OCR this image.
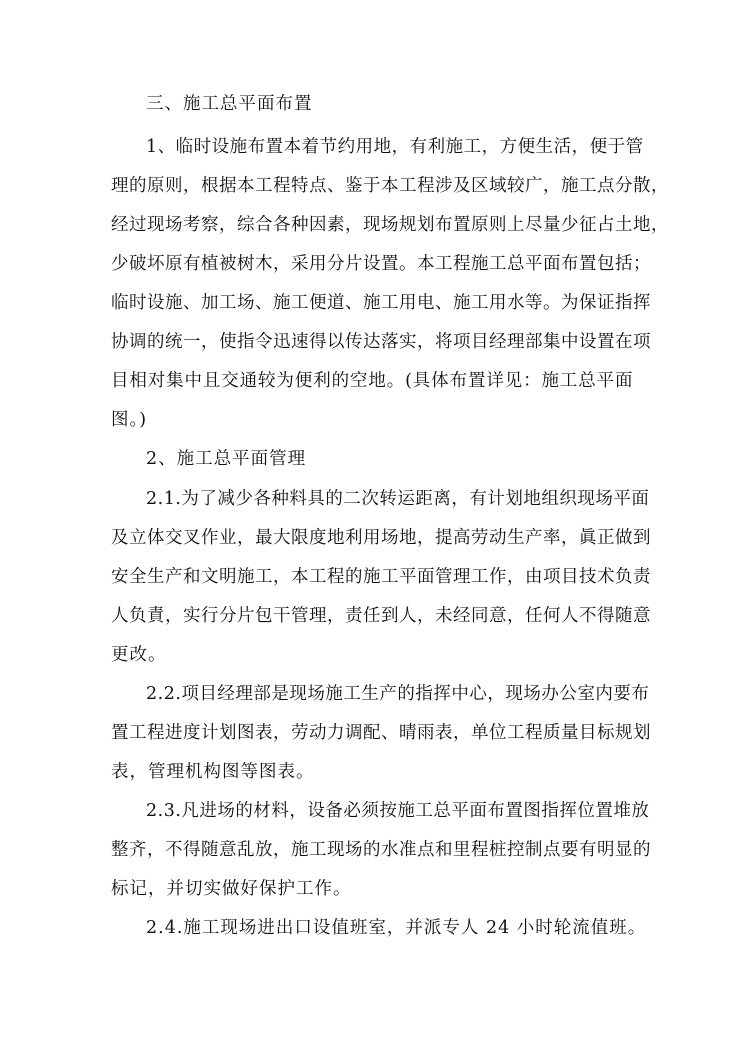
三、施工总平面布置

1、临时设施布置本着节约用地，有利施工，方便生活，便于管

理的原则，根据本工程特点、鉴于本工程涉及区域较广，施工点分散，

经过现场考察，综合各种因素，现场规划布置原则上尽量少征占土地，

少破坏原有植被树木，采用分片设置。本工程施工总平面布置包括；

临时设施、加工场、施工便道、施工用电、施工用水等。为保证指挥

协调的统一，使指令迅速得以传达落实，将项目经理部集中设置在项

目相对集中且交通较为便利的空地。(具体布置详见：施工总平面

图。)

2、施工总平面管理

2.1.为了减少各种料具的二次转运距离，有计划地组织现场平面

及立体交叉作业，最大限度地利用场地，提高劳动生产率，眞正做到

安全生产和文明施工，本工程的施工平面管理工作，由项目技术负责

人负責，实行分片包干管理，责任到人，未经同意，任何人不得随意

更改。

2.2.项目经理部是现场施工生产的指挥中心，现场办公室内要布

置工程进度计划图表，劳动力调配、晴雨表，单位工程质量目标规划

表，管理机构图等图表。

2.3.凡进场的材料，设备必须按施工总平面布置图指挥位置堆放

整齐，不得随意乱放，施工现场的水准点和里程桩控制点要有明显的

标记，并切实做好保护工作。

2.4.施工现场进出口设值班室，并派专人 24 小时轮流值班。
